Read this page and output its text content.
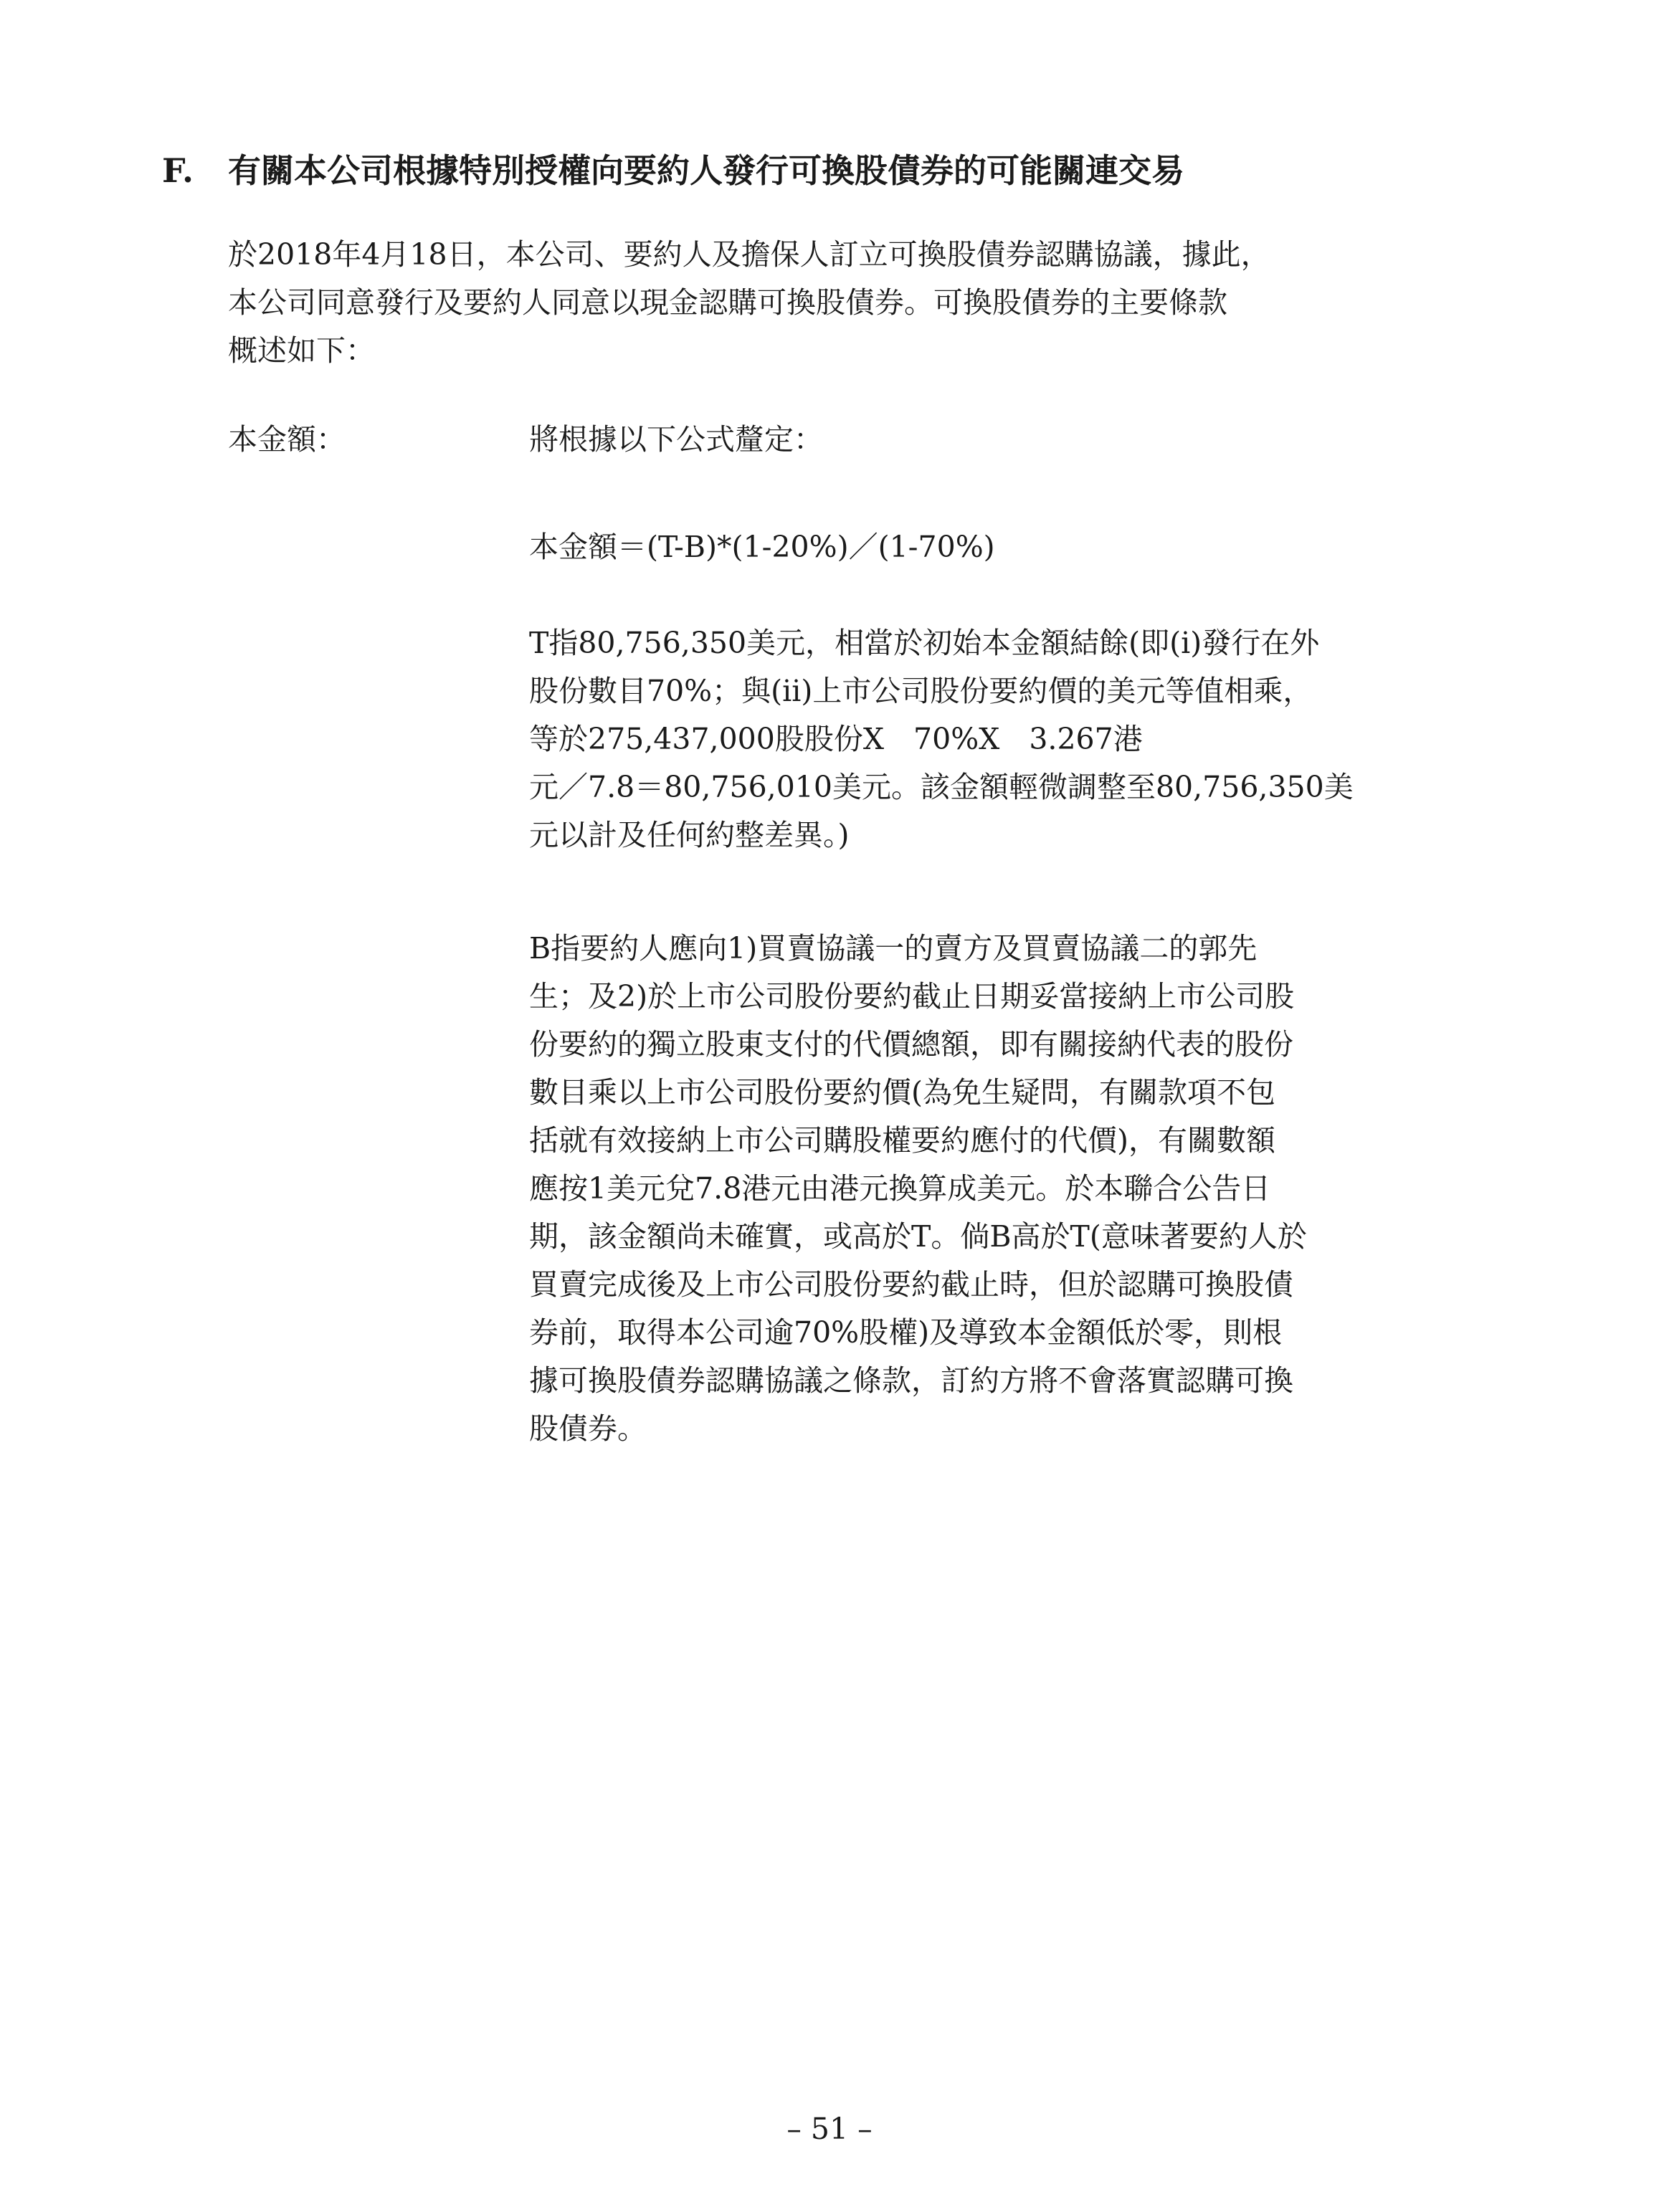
F. 有關本公司根據特別授權向要約人發行可換股債券的可能關連交易
於2018年4月18日，本公司、要約人及擔保人訂立可換股債券認購協議，據此，
本公司同意發行及要約人同意以現金認購可換股債券。可換股債券的主要條款
概述如下：
本金額：	將根據以下公式釐定：
本金額＝(T-B)*(1-20%)／(1-70%)
T指80,756,350美元，相當於初始本金額結餘(即(i)發行在外
股份數目70%；與(ii)上市公司股份要約價的美元等值相乘，
等於275,437,000股股份X　70%X　3.267港
元／7.8＝80,756,010美元。該金額輕微調整至80,756,350美
元以計及任何約整差異。)
B指要約人應向1)買賣協議一的賣方及買賣協議二的郭先
生；及2)於上市公司股份要約截止日期妥當接納上市公司股
份要約的獨立股東支付的代價總額，即有關接納代表的股份
數目乘以上市公司股份要約價(為免生疑問，有關款項不包
括就有效接納上市公司購股權要約應付的代價)，有關數額
應按1美元兌7.8港元由港元換算成美元。於本聯合公告日
期，該金額尚未確實，或高於T。倘B高於T(意味著要約人於
買賣完成後及上市公司股份要約截止時，但於認購可換股債
券前，取得本公司逾70%股權)及導致本金額低於零，則根
據可換股債券認購協議之條款，訂約方將不會落實認購可換
股債券。
– 51 –
